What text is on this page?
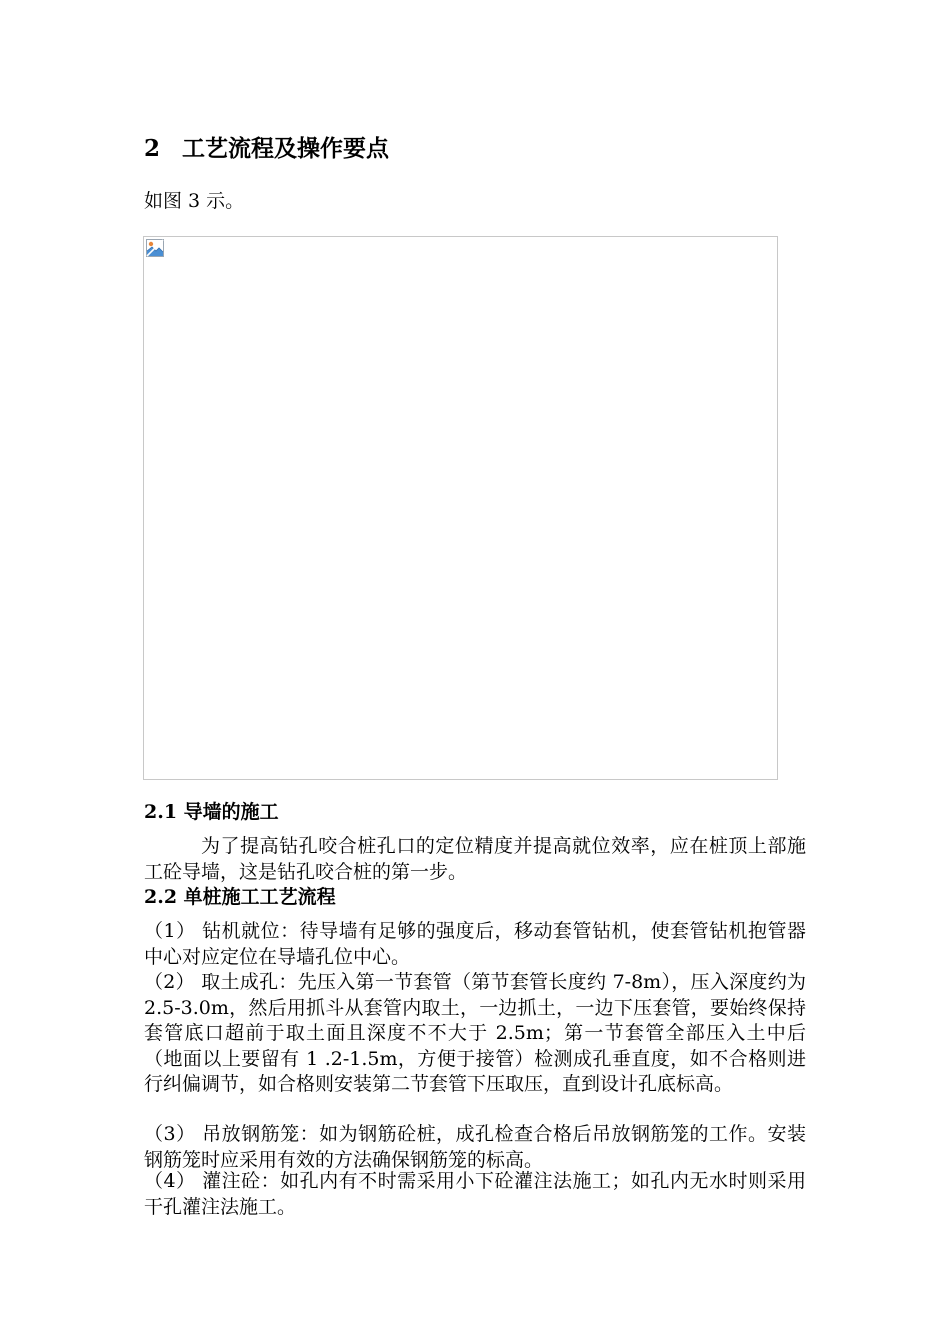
2 工艺流程及操作要点
如图 3 示。
2.1 导墙的施工
为了提高钻孔咬合桩孔口的定位精度并提高就位效率，应在桩顶上部施工砼导墙，这是钻孔咬合桩的第一步。
2.2 单桩施工工艺流程
（1） 钻机就位：待导墙有足够的强度后，移动套管钻机，使套管钻机抱管器中心对应定位在导墙孔位中心。
（2） 取土成孔：先压入第一节套管（第节套管长度约 7-8m），压入深度约为 2.5-3.0m，然后用抓斗从套管内取土，一边抓土，一边下压套管，要始终保持套管底口超前于取土面且深度不不大于 2.5m；第一节套管全部压入土中后（地面以上要留有 1 .2-1.5m，方便于接管）检测成孔垂直度，如不合格则进行纠偏调节，如合格则安装第二节套管下压取压，直到设计孔底标高。
（3） 吊放钢筋笼：如为钢筋砼桩，成孔检查合格后吊放钢筋笼的工作。安装钢筋笼时应采用有效的方法确保钢筋笼的标高。
（4） 灌注砼：如孔内有不时需采用小下砼灌注法施工；如孔内无水时则采用干孔灌注法施工。
